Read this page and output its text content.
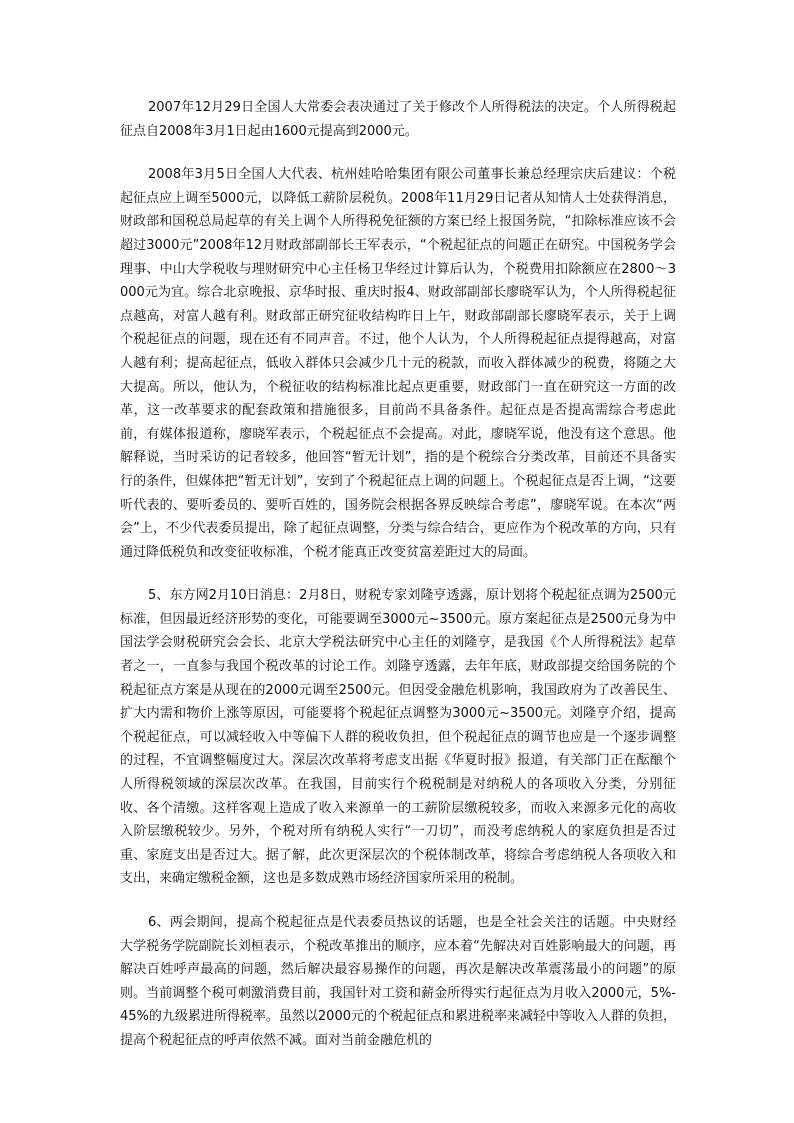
2007年12月29日全国人大常委会表决通过了关于修改个人所得税法的决定。个人所得税起征点自2008年3月1日起由1600元提高到2000元。

2008年3月5日全国人大代表、杭州娃哈哈集团有限公司董事长兼总经理宗庆后建议：个税起征点应上调至5000元，以降低工薪阶层税负。2008年11月29日记者从知情人士处获得消息，财政部和国税总局起草的有关上调个人所得税免征额的方案已经上报国务院，“扣除标准应该不会超过3000元”2008年12月财政部副部长王军表示，“个税起征点的问题正在研究。中国税务学会理事、中山大学税收与理财研究中心主任杨卫华经过计算后认为，个税费用扣除额应在2800～3000元为宜。综合北京晚报、京华时报、重庆时报4、财政部副部长廖晓军认为，个人所得税起征点越高，对富人越有利。财政部正研究征收结构昨日上午，财政部副部长廖晓军表示，关于上调个税起征点的问题，现在还有不同声音。不过，他个人认为，个人所得税起征点提得越高，对富人越有利；提高起征点，低收入群体只会减少几十元的税款，而收入群体减少的税费，将随之大大提高。所以，他认为，个税征收的结构标准比起点更重要，财政部门一直在研究这一方面的改革，这一改革要求的配套政策和措施很多，目前尚不具备条件。起征点是否提高需综合考虑此前，有媒体报道称，廖晓军表示，个税起征点不会提高。对此，廖晓军说，他没有这个意思。他解释说，当时采访的记者较多，他回答“暂无计划”，指的是个税综合分类改革，目前还不具备实行的条件，但媒体把“暂无计划”，安到了个税起征点上调的问题上。个税起征点是否上调，“这要听代表的、要听委员的、要听百姓的，国务院会根据各界反映综合考虑”，廖晓军说。在本次“两会”上，不少代表委员提出，除了起征点调整，分类与综合结合，更应作为个税改革的方向，只有通过降低税负和改变征收标准，个税才能真正改变贫富差距过大的局面。

5、东方网2月10日消息：2月8日，财税专家刘隆亨透露，原计划将个税起征点调为2500元标准，但因最近经济形势的变化，可能要调至3000元~3500元。原方案起征点是2500元身为中国法学会财税研究会会长、北京大学税法研究中心主任的刘隆亨，是我国《个人所得税法》起草者之一，一直参与我国个税改革的讨论工作。刘隆亨透露，去年年底，财政部提交给国务院的个税起征点方案是从现在的2000元调至2500元。但因受金融危机影响，我国政府为了改善民生、扩大内需和物价上涨等原因，可能要将个税起征点调整为3000元~3500元。刘隆亨介绍，提高个税起征点，可以减轻收入中等偏下人群的税收负担，但个税起征点的调节也应是一个逐步调整的过程，不宜调整幅度过大。深层次改革将考虑支出据《华夏时报》报道，有关部门正在酝酿个人所得税领域的深层次改革。在我国，目前实行个税税制是对纳税人的各项收入分类，分别征收、各个清缴。这样客观上造成了收入来源单一的工薪阶层缴税较多，而收入来源多元化的高收入阶层缴税较少。另外，个税对所有纳税人实行“一刀切”，而没考虑纳税人的家庭负担是否过重、家庭支出是否过大。据了解，此次更深层次的个税体制改革，将综合考虑纳税人各项收入和支出，来确定缴税金额，这也是多数成熟市场经济国家所采用的税制。

6、两会期间，提高个税起征点是代表委员热议的话题，也是全社会关注的话题。中央财经大学税务学院副院长刘桓表示，个税改革推出的顺序，应本着“先解决对百姓影响最大的问题，再解决百姓呼声最高的问题，然后解决最容易操作的问题，再次是解决改革震荡最小的问题”的原则。当前调整个税可刺激消费目前，我国针对工资和薪金所得实行起征点为月收入2000元，5%-45%的九级累进所得税率。虽然以2000元的个税起征点和累进税率来减轻中等收入人群的负担，提高个税起征点的呼声依然不减。面对当前金融危机的
